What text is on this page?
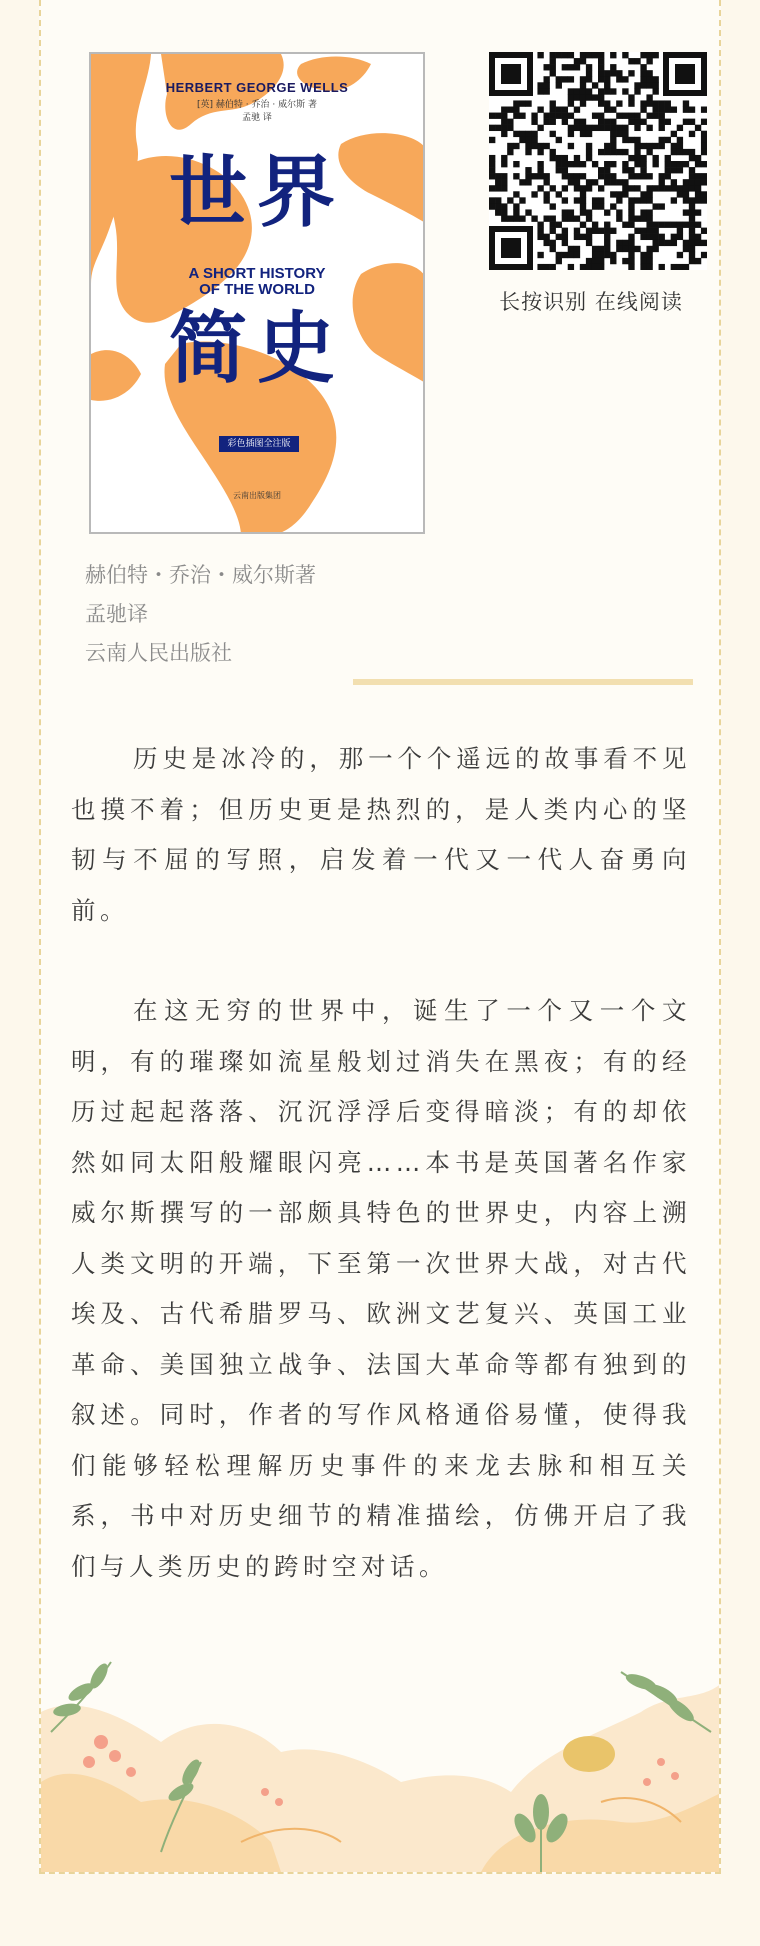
HERBERT GEORGE WELLS
[英] 赫伯特 · 乔治 · 威尔斯 著
孟驰 译
世界
A SHORT HISTORY
OF THE WORLD
简史
彩色插图全注版
云南出版集团
长按识别 在线阅读
赫伯特・乔治・威尔斯著
孟驰译
云南人民出版社

历史是冰冷的，那一个个遥远的故事看不见也摸不着；但历史更是热烈的，是人类内心的坚韧与不屈的写照，启发着一代又一代人奋勇向前。

在这无穷的世界中，诞生了一个又一个文明，有的璀璨如流星般划过消失在黑夜；有的经历过起起落落、沉沉浮浮后变得暗淡；有的却依然如同太阳般耀眼闪亮……本书是英国著名作家威尔斯撰写的一部颇具特色的世界史，内容上溯人类文明的开端，下至第一次世界大战，对古代埃及、古代希腊罗马、欧洲文艺复兴、英国工业革命、美国独立战争、法国大革命等都有独到的叙述。同时，作者的写作风格通俗易懂，使得我们能够轻松理解历史事件的来龙去脉和相互关系，书中对历史细节的精准描绘，仿佛开启了我们与人类历史的跨时空对话。
